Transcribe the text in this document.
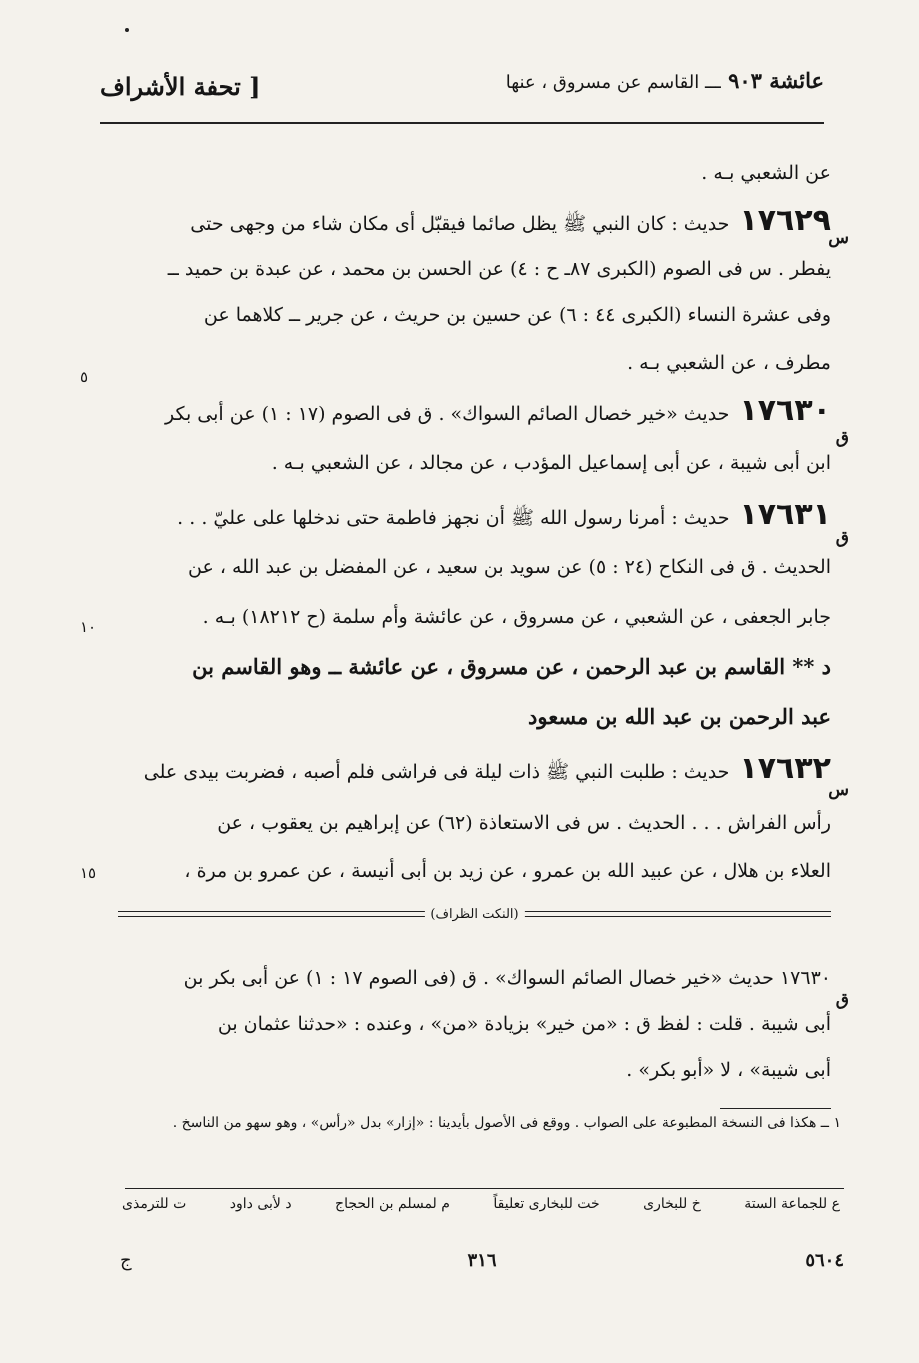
عائشة ٩٠٣ ـــ القاسم عن مسروق ، عنها
[ تحفة الأشراف
عن الشعبي بـه .
١٧٦٢٩حديث : كان النبي ﷺ يظل صائما فيقبّل أى مكان شاء من وجهى حتى
يفطر . س فى الصوم (الكبرى ٨٧ـ ح : ٤) عن الحسن بن محمد ، عن عبدة بن حميد ــ
وفى عشرة النساء (الكبرى ٤٤ : ٦) عن حسين بن حريث ، عن جرير ــ كلاهما عن
مطرف ، عن الشعبي بـه .
١٧٦٣٠حديث «خير خصال الصائم السواك» . ق فى الصوم (١٧ : ١) عن أبى بكر
ابن أبى شيبة ، عن أبى إسماعيل المؤدب ، عن مجالد ، عن الشعبي بـه .
١٧٦٣١حديث : أمرنا رسول الله ﷺ أن نجهز فاطمة حتى ندخلها على عليّ . . .
الحديث . ق فى النكاح (٢٤ : ٥) عن سويد بن سعيد ، عن المفضل بن عبد الله ، عن
جابر الجعفى ، عن الشعبي ، عن مسروق ، عن عائشة وأم سلمة (ح ١٨٢١٢) بـه .
د ** القاسم بن عبد الرحمن ، عن مسروق ، عن عائشة ــ وهو القاسم بن
عبد الرحمن بن عبد الله بن مسعود
١٧٦٣٢حديث : طلبت النبي ﷺ ذات ليلة فى فراشى فلم أصبه ، فضربت بيدى على
رأس الفراش . . . الحديث . س فى الاستعاذة (٦٢) عن إبراهيم بن يعقوب ، عن
العلاء بن هلال ، عن عبيد الله بن عمرو ، عن زيد بن أبى أنيسة ، عن عمرو بن مرة ،
س
ق
ق
س
٥
١٠
١٥
(النكت الظراف)
١٧٦٣٠ حديث «خير خصال الصائم السواك» . ق (فى الصوم ١٧ : ١) عن أبى بكر بن
أبى شيبة . قلت : لفظ ق : «من خير» بزيادة «من» ، وعنده : «حدثنا عثمان بن
أبى شيبة» ، لا «أبو بكر» .
ق
١ ــ هكذا فى النسخة المطبوعة على الصواب . ووقع فى الأصول بأيدينا : «إزار» بدل «رأس» ، وهو سهو من الناسخ .
ع للجماعة الستة
خ للبخارى
خت للبخارى تعليقاً
م لمسلم بن الحجاج
د لأبى داود
ت للترمذى
٥٦٠٤
٣١٦
ج
